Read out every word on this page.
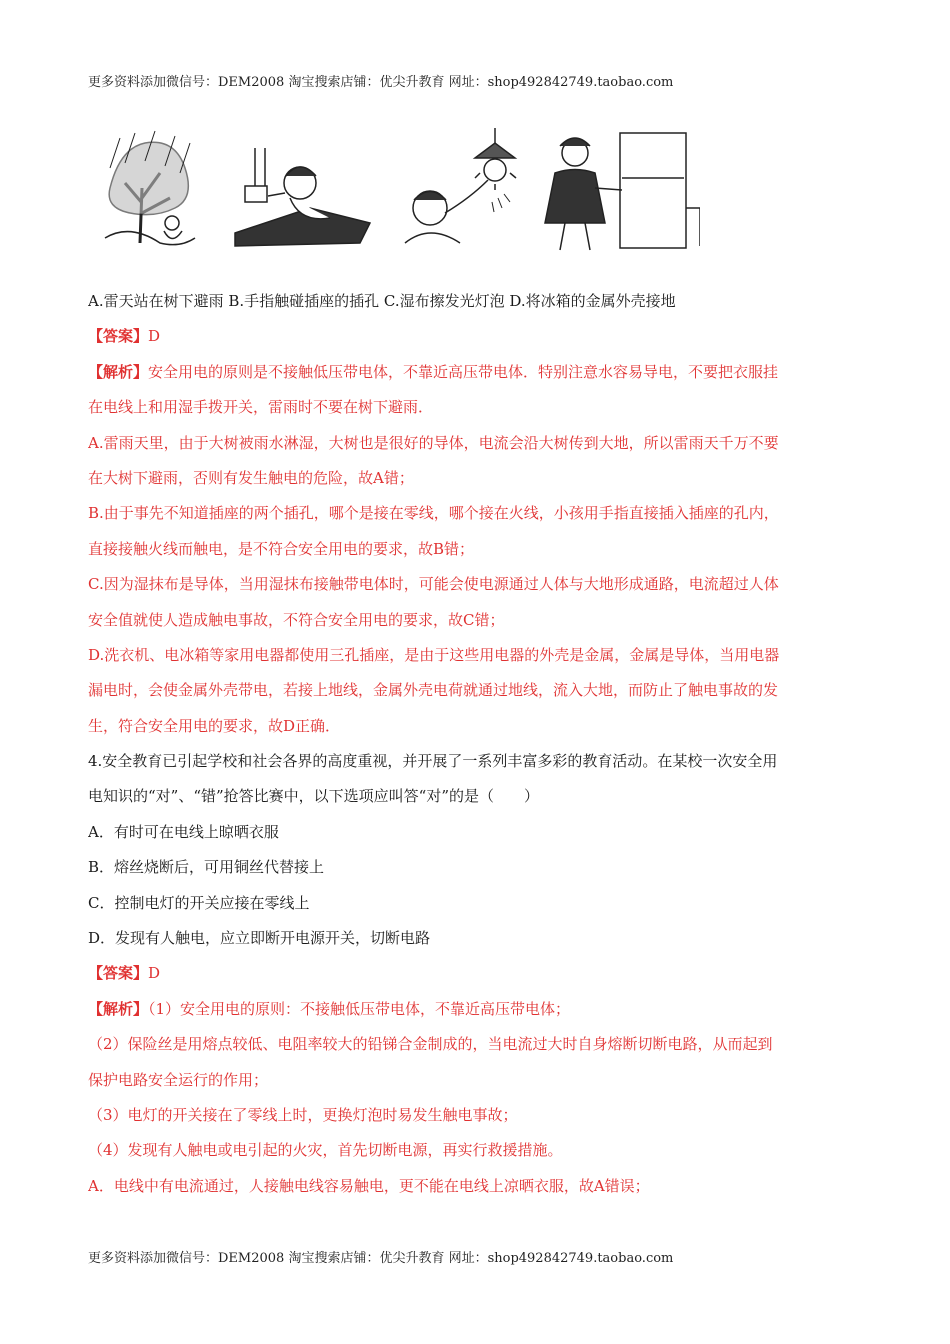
更多资料添加微信号：DEM2008 淘宝搜索店铺：优尖升教育 网址：shop492842749.taobao.com
A.雷天站在树下避雨 B.手指触碰插座的插孔 C.湿布擦发光灯泡 D.将冰箱的金属外壳接地
【答案】D
【解析】安全用电的原则是不接触低压带电体，不靠近高压带电体．特别注意水容易导电，不要把衣服挂
在电线上和用湿手拨开关，雷雨时不要在树下避雨．
A.雷雨天里，由于大树被雨水淋湿，大树也是很好的导体，电流会沿大树传到大地，所以雷雨天千万不要
在大树下避雨，否则有发生触电的危险，故A错；
B.由于事先不知道插座的两个插孔，哪个是接在零线，哪个接在火线，小孩用手指直接插入插座的孔内，
直接接触火线而触电，是不符合安全用电的要求，故B错；
C.因为湿抹布是导体，当用湿抹布接触带电体时，可能会使电源通过人体与大地形成通路，电流超过人体
安全值就使人造成触电事故，不符合安全用电的要求，故C错；
D.洗衣机、电冰箱等家用电器都使用三孔插座，是由于这些用电器的外壳是金属，金属是导体，当用电器
漏电时，会使金属外壳带电，若接上地线，金属外壳电荷就通过地线，流入大地，而防止了触电事故的发
生，符合安全用电的要求，故D正确．
4.安全教育已引起学校和社会各界的高度重视，并开展了一系列丰富多彩的教育活动。在某校一次安全用
电知识的“对”、“错”抢答比赛中，以下选项应叫答“对”的是（　　）
A．有时可在电线上晾晒衣服
B．熔丝烧断后，可用铜丝代替接上
C．控制电灯的开关应接在零线上
D．发现有人触电，应立即断开电源开关，切断电路
【答案】D
【解析】（1）安全用电的原则：不接触低压带电体，不靠近高压带电体；
（2）保险丝是用熔点较低、电阻率较大的铅锑合金制成的，当电流过大时自身熔断切断电路，从而起到
保护电路安全运行的作用；
（3）电灯的开关接在了零线上时，更换灯泡时易发生触电事故；
（4）发现有人触电或电引起的火灾，首先切断电源，再实行救援措施。
A．电线中有电流通过，人接触电线容易触电，更不能在电线上凉晒衣服，故A错误；
更多资料添加微信号：DEM2008 淘宝搜索店铺：优尖升教育 网址：shop492842749.taobao.com
